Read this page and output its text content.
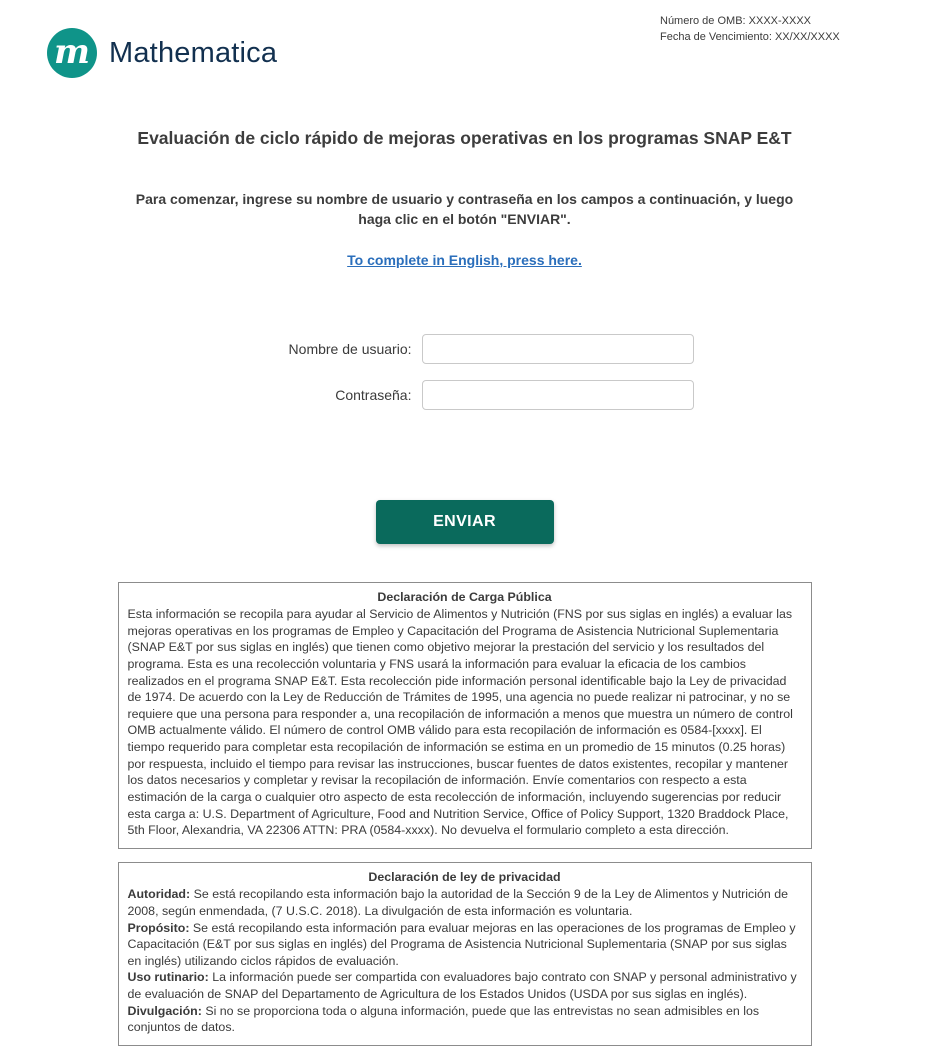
m Mathematica
Número de OMB: XXXX-XXXX
Fecha de Vencimiento: XX/XX/XXXX
Evaluación de ciclo rápido de mejoras operativas en los programas SNAP E&T

Para comenzar, ingrese su nombre de usuario y contraseña en los campos a continuación, y luego haga clic en el botón "ENVIAR".

To complete in English, press here.
Nombre de usuario:
Contraseña:
ENVIAR
Declaración de Carga Pública

Esta información se recopila para ayudar al Servicio de Alimentos y Nutrición (FNS por sus siglas en inglés) a evaluar las mejoras operativas en los programas de Empleo y Capacitación del Programa de Asistencia Nutricional Suplementaria (SNAP E&T por sus siglas en inglés) que tienen como objetivo mejorar la prestación del servicio y los resultados del programa. Esta es una recolección voluntaria y FNS usará la información para evaluar la eficacia de los cambios realizados en el programa SNAP E&T. Esta recolección pide información personal identificable bajo la Ley de privacidad de 1974. De acuerdo con la Ley de Reducción de Trámites de 1995, una agencia no puede realizar ni patrocinar, y no se requiere que una persona para responder a, una recopilación de información a menos que muestra un número de control OMB actualmente válido. El número de control OMB válido para esta recopilación de información es 0584-[xxxx]. El tiempo requerido para completar esta recopilación de información se estima en un promedio de 15 minutos (0.25 horas) por respuesta, incluido el tiempo para revisar las instrucciones, buscar fuentes de datos existentes, recopilar y mantener los datos necesarios y completar y revisar la recopilación de información. Envíe comentarios con respecto a esta estimación de la carga o cualquier otro aspecto de esta recolección de información, incluyendo sugerencias por reducir esta carga a: U.S. Department of Agriculture, Food and Nutrition Service, Office of Policy Support, 1320 Braddock Place, 5th Floor, Alexandria, VA 22306 ATTN: PRA (0584-xxxx). No devuelva el formulario completo a esta dirección.

Declaración de ley de privacidad

Autoridad: Se está recopilando esta información bajo la autoridad de la Sección 9 de la Ley de Alimentos y Nutrición de 2008, según enmendada, (7 U.S.C. 2018). La divulgación de esta información es voluntaria.

Propósito: Se está recopilando esta información para evaluar mejoras en las operaciones de los programas de Empleo y Capacitación (E&T por sus siglas en inglés) del Programa de Asistencia Nutricional Suplementaria (SNAP por sus siglas en inglés) utilizando ciclos rápidos de evaluación.

Uso rutinario: La información puede ser compartida con evaluadores bajo contrato con SNAP y personal administrativo y de evaluación de SNAP del Departamento de Agricultura de los Estados Unidos (USDA por sus siglas en inglés).

Divulgación: Si no se proporciona toda o alguna información, puede que las entrevistas no sean admisibles en los conjuntos de datos.
